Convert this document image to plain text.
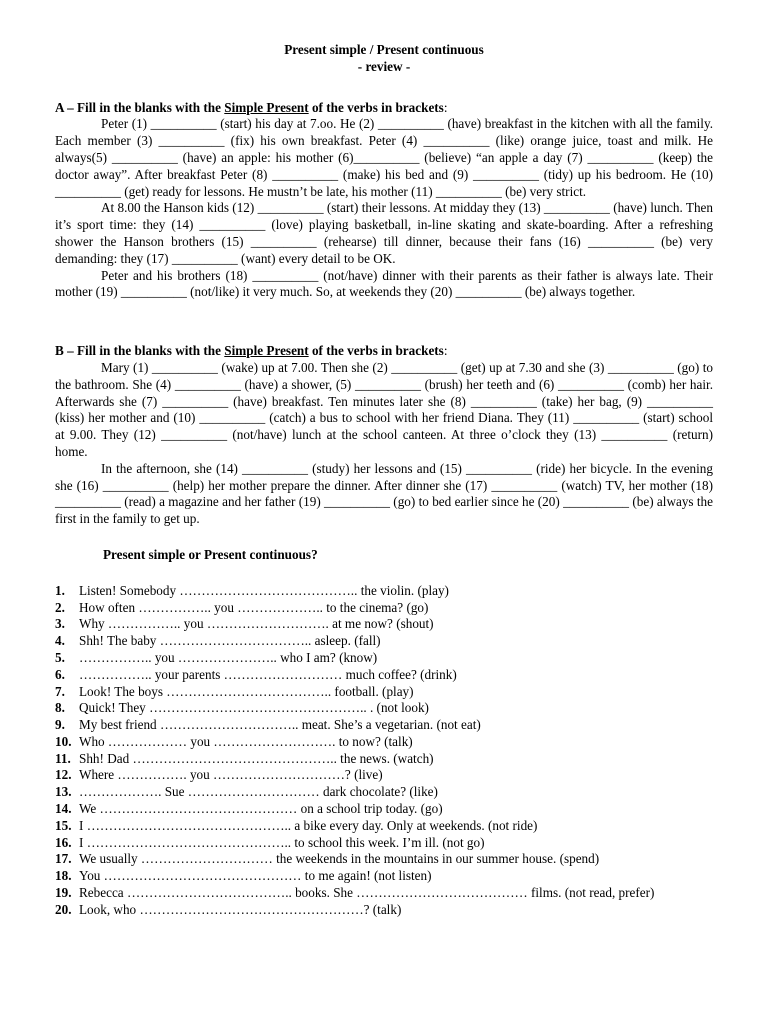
Present simple / Present continuous
- review -
A – Fill in the blanks with the Simple Present of the verbs in brackets:

Peter (1) __________ (start) his day at 7.oo. He (2) __________ (have) breakfast in the kitchen with all the family. Each member (3) __________ (fix) his own breakfast. Peter (4) __________ (like) orange juice, toast and milk. He always(5) __________ (have) an apple: his mother (6)__________ (believe) “an apple a day (7) __________ (keep) the doctor away”. After breakfast Peter (8) __________ (make) his bed and (9) __________ (tidy) up his bedroom. He (10) __________ (get) ready for lessons. He mustn’t be late, his mother (11) __________ (be) very strict.

At 8.00 the Hanson kids (12) __________ (start) their lessons. At midday they (13) __________ (have) lunch. Then it’s sport time: they (14) __________ (love) playing basketball, in-line skating and skate-boarding. After a refreshing shower the Hanson brothers (15) __________ (rehearse) till dinner, because their fans (16) __________ (be) very demanding: they (17) __________ (want) every detail to be OK.

Peter and his brothers (18) __________ (not/have) dinner with their parents as their father is always late. Their mother (19) __________ (not/like) it very much. So, at weekends they (20) __________ (be) always together.

B – Fill in the blanks with the Simple Present of the verbs in brackets:

Mary (1) __________ (wake) up at 7.00. Then she (2) __________ (get) up at 7.30 and she (3) __________ (go) to the bathroom. She (4) __________ (have) a shower, (5) __________ (brush) her teeth and (6) __________ (comb) her hair. Afterwards she (7) __________ (have) breakfast. Ten minutes later she (8) __________ (take) her bag, (9) __________ (kiss) her mother and (10) __________ (catch) a bus to school with her friend Diana. They (11) __________ (start) school at 9.00. They (12) __________ (not/have) lunch at the school canteen. At three o’clock they (13) __________ (return) home.

In the afternoon, she (14) __________ (study) her lessons and (15) __________ (ride) her bicycle. In the evening she (16) __________ (help) her mother prepare the dinner. After dinner she (17) __________ (watch) TV, her mother (18) __________ (read) a magazine and her father (19) __________ (go) to bed earlier since he (20) __________ (be) always the first in the family to get up.

Present simple or Present continuous?
1. Listen! Somebody ………………………………….. the violin. (play)
2. How often …………….. you ……………….. to the cinema? (go)
3. Why …………….. you ………………………. at me now? (shout)
4. Shh! The baby …………………………….. asleep. (fall)
5. …………….. you ………………….. who I am? (know)
6. …………….. your parents ……………………… much coffee? (drink)
7. Look! The boys ……………………………….. football. (play)
8. Quick! They ………………………………………….. . (not look)
9. My best friend ………………………….. meat. She’s a vegetarian. (not eat)
10. Who ……………… you ………………………. to now? (talk)
11. Shh! Dad ……………………………………….. the news. (watch)
12. Where ……………. you …………………………? (live)
13. ………………. Sue ………………………… dark chocolate? (like)
14. We ……………………………………… on a school trip today. (go)
15. I ……………………………………….. a bike every day. Only at weekends. (not ride)
16. I ……………………………………….. to school this week. I’m ill. (not go)
17. We usually ………………………… the weekends in the mountains in our summer house. (spend)
18. You ……………………………………… to me again! (not listen)
19. Rebecca ……………………………….. books. She ………………………………… films. (not read, prefer)
20. Look, who ……………………………………………? (talk)
